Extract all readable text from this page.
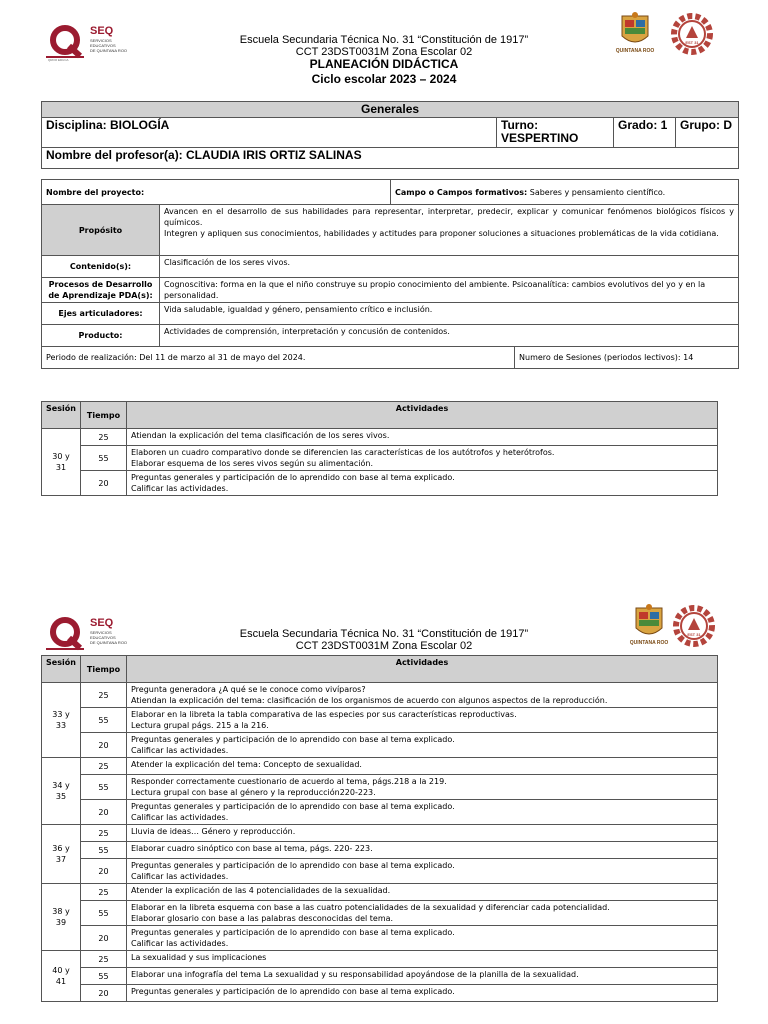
SEQ
SERVICIOS
EDUCATIVOS
DE QUINTANA ROO
QROO EDUCA
QUINTANA ROO
EST 31
Escuela Secundaria Técnica No. 31 “Constitución de 1917”
CCT 23DST0031M Zona Escolar 02
PLANEACIÓN DIDÁCTICA
Ciclo escolar 2023 – 2024
Generales
Disciplina: BIOLOGÍA	Turno:
VESPERTINO
	Grado: 1	Grupo: D
Nombre del profesor(a): CLAUDIA IRIS ORTIZ SALINAS
Nombre del proyecto:		Campo o Campos formativos: Saberes y pensamiento científico.	
Propósito	Avancen en el desarrollo de sus habilidades para representar, interpretar, predecir, explicar y comunicar fenómenos biológicos físicos y químicos.
Integren y apliquen sus conocimientos, habilidades y actitudes para proponer soluciones a situaciones problemáticas de la vida cotidiana.		

Contenido(s):	Clasificación de los seres vivos.		
Procesos de Desarrollo de Aprendizaje PDA(s):	Cognoscitiva: forma en la que el niño construye su propio conocimiento del ambiente. Psicoanalítica: cambios evolutivos del yo y en la personalidad.		
Ejes articuladores:	Vida saludable, igualdad y género, pensamiento crítico e inclusión.		
Producto:	Actividades de comprensión, interpretación y concusión de contenidos.		
Periodo de realización: Del 11 de marzo al 31 de mayo del 2024.			Numero de Sesiones (periodos lectivos): 14
Sesión	Tiempo	Actividades
30 y 31	25	Atiendan la explicación del tema clasificación de los seres vivos.

	55	Elaboren un cuadro comparativo donde se diferencien las características de los autótrofos y heterótrofos.
Elaborar esquema de los seres vivos según su alimentación.

	20	Preguntas generales y participación de lo aprendido con base al tema explicado.
Calificar las actividades.
SEQ
SERVICIOS
EDUCATIVOS
DE QUINTANA ROO	QUINTANA ROO
EST 31
Escuela Secundaria Técnica No. 31 “Constitución de 1917”
CCT 23DST0031M Zona Escolar 02
Sesión	Tiempo	Actividades
33 y 33	25	Pregunta generadora ¿A qué se le conoce como vivíparos?
Atiendan la explicación del tema: clasificación de los organismos de acuerdo con algunos aspectos de la reproducción.

	55	Elaborar en la libreta la tabla comparativa de las especies por sus características reproductivas.
Lectura grupal págs. 215 a la 216.

	20	Preguntas generales y participación de lo aprendido con base al tema explicado.
Calificar las actividades.

34 y 35	25	Atender la explicación del tema: Concepto de sexualidad.

	55	Responder correctamente cuestionario de acuerdo al tema, págs.218 a la 219.
Lectura grupal con base al género y la reproducción220-223.

	20	Preguntas generales y participación de lo aprendido con base al tema explicado.
Calificar las actividades.

36 y 37	25	Lluvia de ideas… Género y reproducción.

	55	Elaborar cuadro sinóptico con base al tema, págs. 220- 223.

	20	Preguntas generales y participación de lo aprendido con base al tema explicado.
Calificar las actividades.

38 y 39	25	Atender la explicación de las 4 potencialidades de la sexualidad.

	55	Elaborar en la libreta esquema con base a las cuatro potencialidades de la sexualidad y diferenciar cada potencialidad.
Elaborar glosario con base a las palabras desconocidas del tema.

	20	Preguntas generales y participación de lo aprendido con base al tema explicado.
Calificar las actividades.

40 y 41	25	La sexualidad y sus implicaciones

	55	Elaborar una infografía del tema La sexualidad y su responsabilidad apoyándose de la planilla de la sexualidad.

	20	Preguntas generales y participación de lo aprendido con base al tema explicado.
